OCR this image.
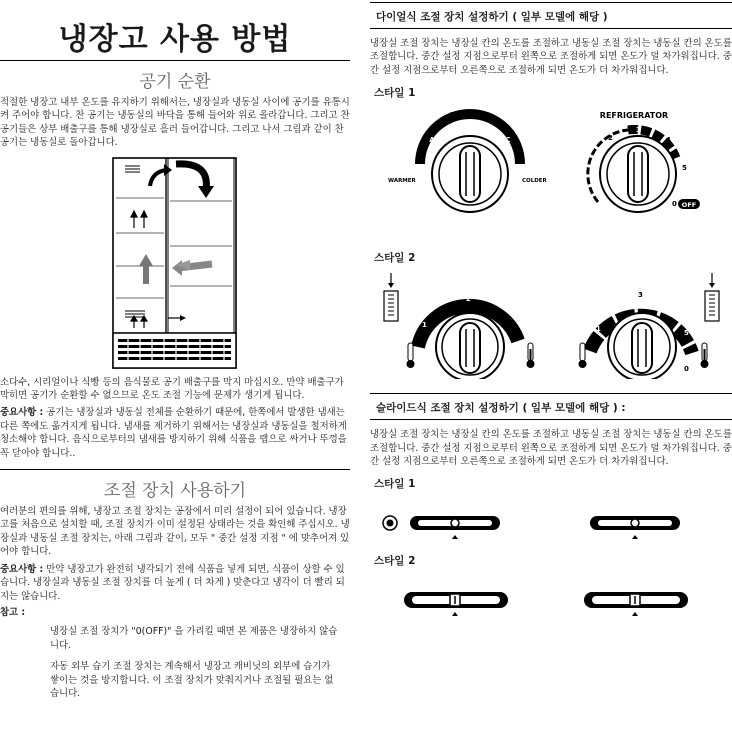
냉장고 사용 방법
공기 순환

적절한 냉장고 내부 온도를 유지하기 위해서는, 냉장실과 냉동실 사이에 공기를 유통시켜 주어야 합니다. 찬 공기는 냉동실의 바닥을 통해 들어와 위로 올라갑니다. 그리고 찬 공기들은 상부 배출구를 통해 냉장실로 흘러 들어갑니다. 그리고 나서 그림과 같이 찬 공기는 냉동실로 돌아갑니다.

소다수, 시리얼이나 식빵 등의 음식물로 공기 배출구를 막지 마십시오. 만약 배출구가 막히면 공기가 순환할 수 없으므로 온도 조절 기능에 문제가 생기게 됩니다.

중요사항 : 공기는 냉장실과 냉동실 전체를 순환하기 때문에, 한쪽에서 발생한 냄새는 다른 쪽에도 옮겨지게 됩니다. 냄새를 제거하기 위해서는 냉장실과 냉동실을 철저하게 청소해야 합니다. 음식으로부터의 냄새를 방지하기 위해 식품을 랩으로 싸거나 뚜껑을 꼭 닫아야 합니다..

조절 장치 사용하기

여러분의 편의를 위해, 냉장고 조절 장치는 공장에서 미리 설정이 되어 있습니다. 냉장고를 처음으로 설치할 때, 조절 장치가 이미 설정된 상태라는 것을 확인해 주십시오. 냉장실과 냉동실 조절 장치는, 아래 그림과 같이, 모두 " 중간 설정 지점 " 에 맞추어져 있어야 합니다.

중요사항 : 만약 냉장고가 완전히 냉각되기 전에 식품을 넣게 되면, 식품이 상할 수 있습니다. 냉장실과 냉동실 조절 장치를 더 높게 ( 더 차게 ) 맞춘다고 냉각이 더 빨리 되지는 않습니다.

참고 :

냉장실 조절 장치가 "0(OFF)" 을 가리킬 때면 본 제품은 냉장하지 않습니다.

자동 외부 습기 조절 장치는 계속해서 냉장고 캐비닛의 외부에 습기가 쌓이는 것을 방지합니다. 이 조절 장치가 맞춰지거나 조절될 필요는 없습니다.

다이얼식 조절 장치 설정하기 ( 일부 모델에 해당 )

냉장실 조절 장치는 냉장실 칸의 온도를 조절하고 냉동실 조절 장치는 냉동실 칸의 온도를 조절합니다. 중간 설정 지점으로부터 왼쪽으로 조절하게 되면 온도가 덜 차가워집니다. 중간 설정 지점으로부터 오른쪽으로 조절하게 되면 온도가 더 차가워집니다.

스타일 1
FREEZER
A
B
C
WARMER	COLDER
REFRIGERATOR
2
3
4
5
0 OFF
스타일 2
1
2
3	1
2
3
4
5
0
슬라이드식 조절 장치 설정하기 ( 일부 모델에 해당 ) :

냉장실 조절 장치는 냉장실 칸의 온도를 조절하고 냉동실 조절 장치는 냉동실 칸의 온도를 조절합니다. 중간 설정 지점으로부터 왼쪽으로 조절하게 되면 온도가 덜 차가워집니다. 중간 설정 지점으로부터 오른쪽으로 조절하게 되면 온도가 더 차가워집니다.

스타일 1
스타일 2
